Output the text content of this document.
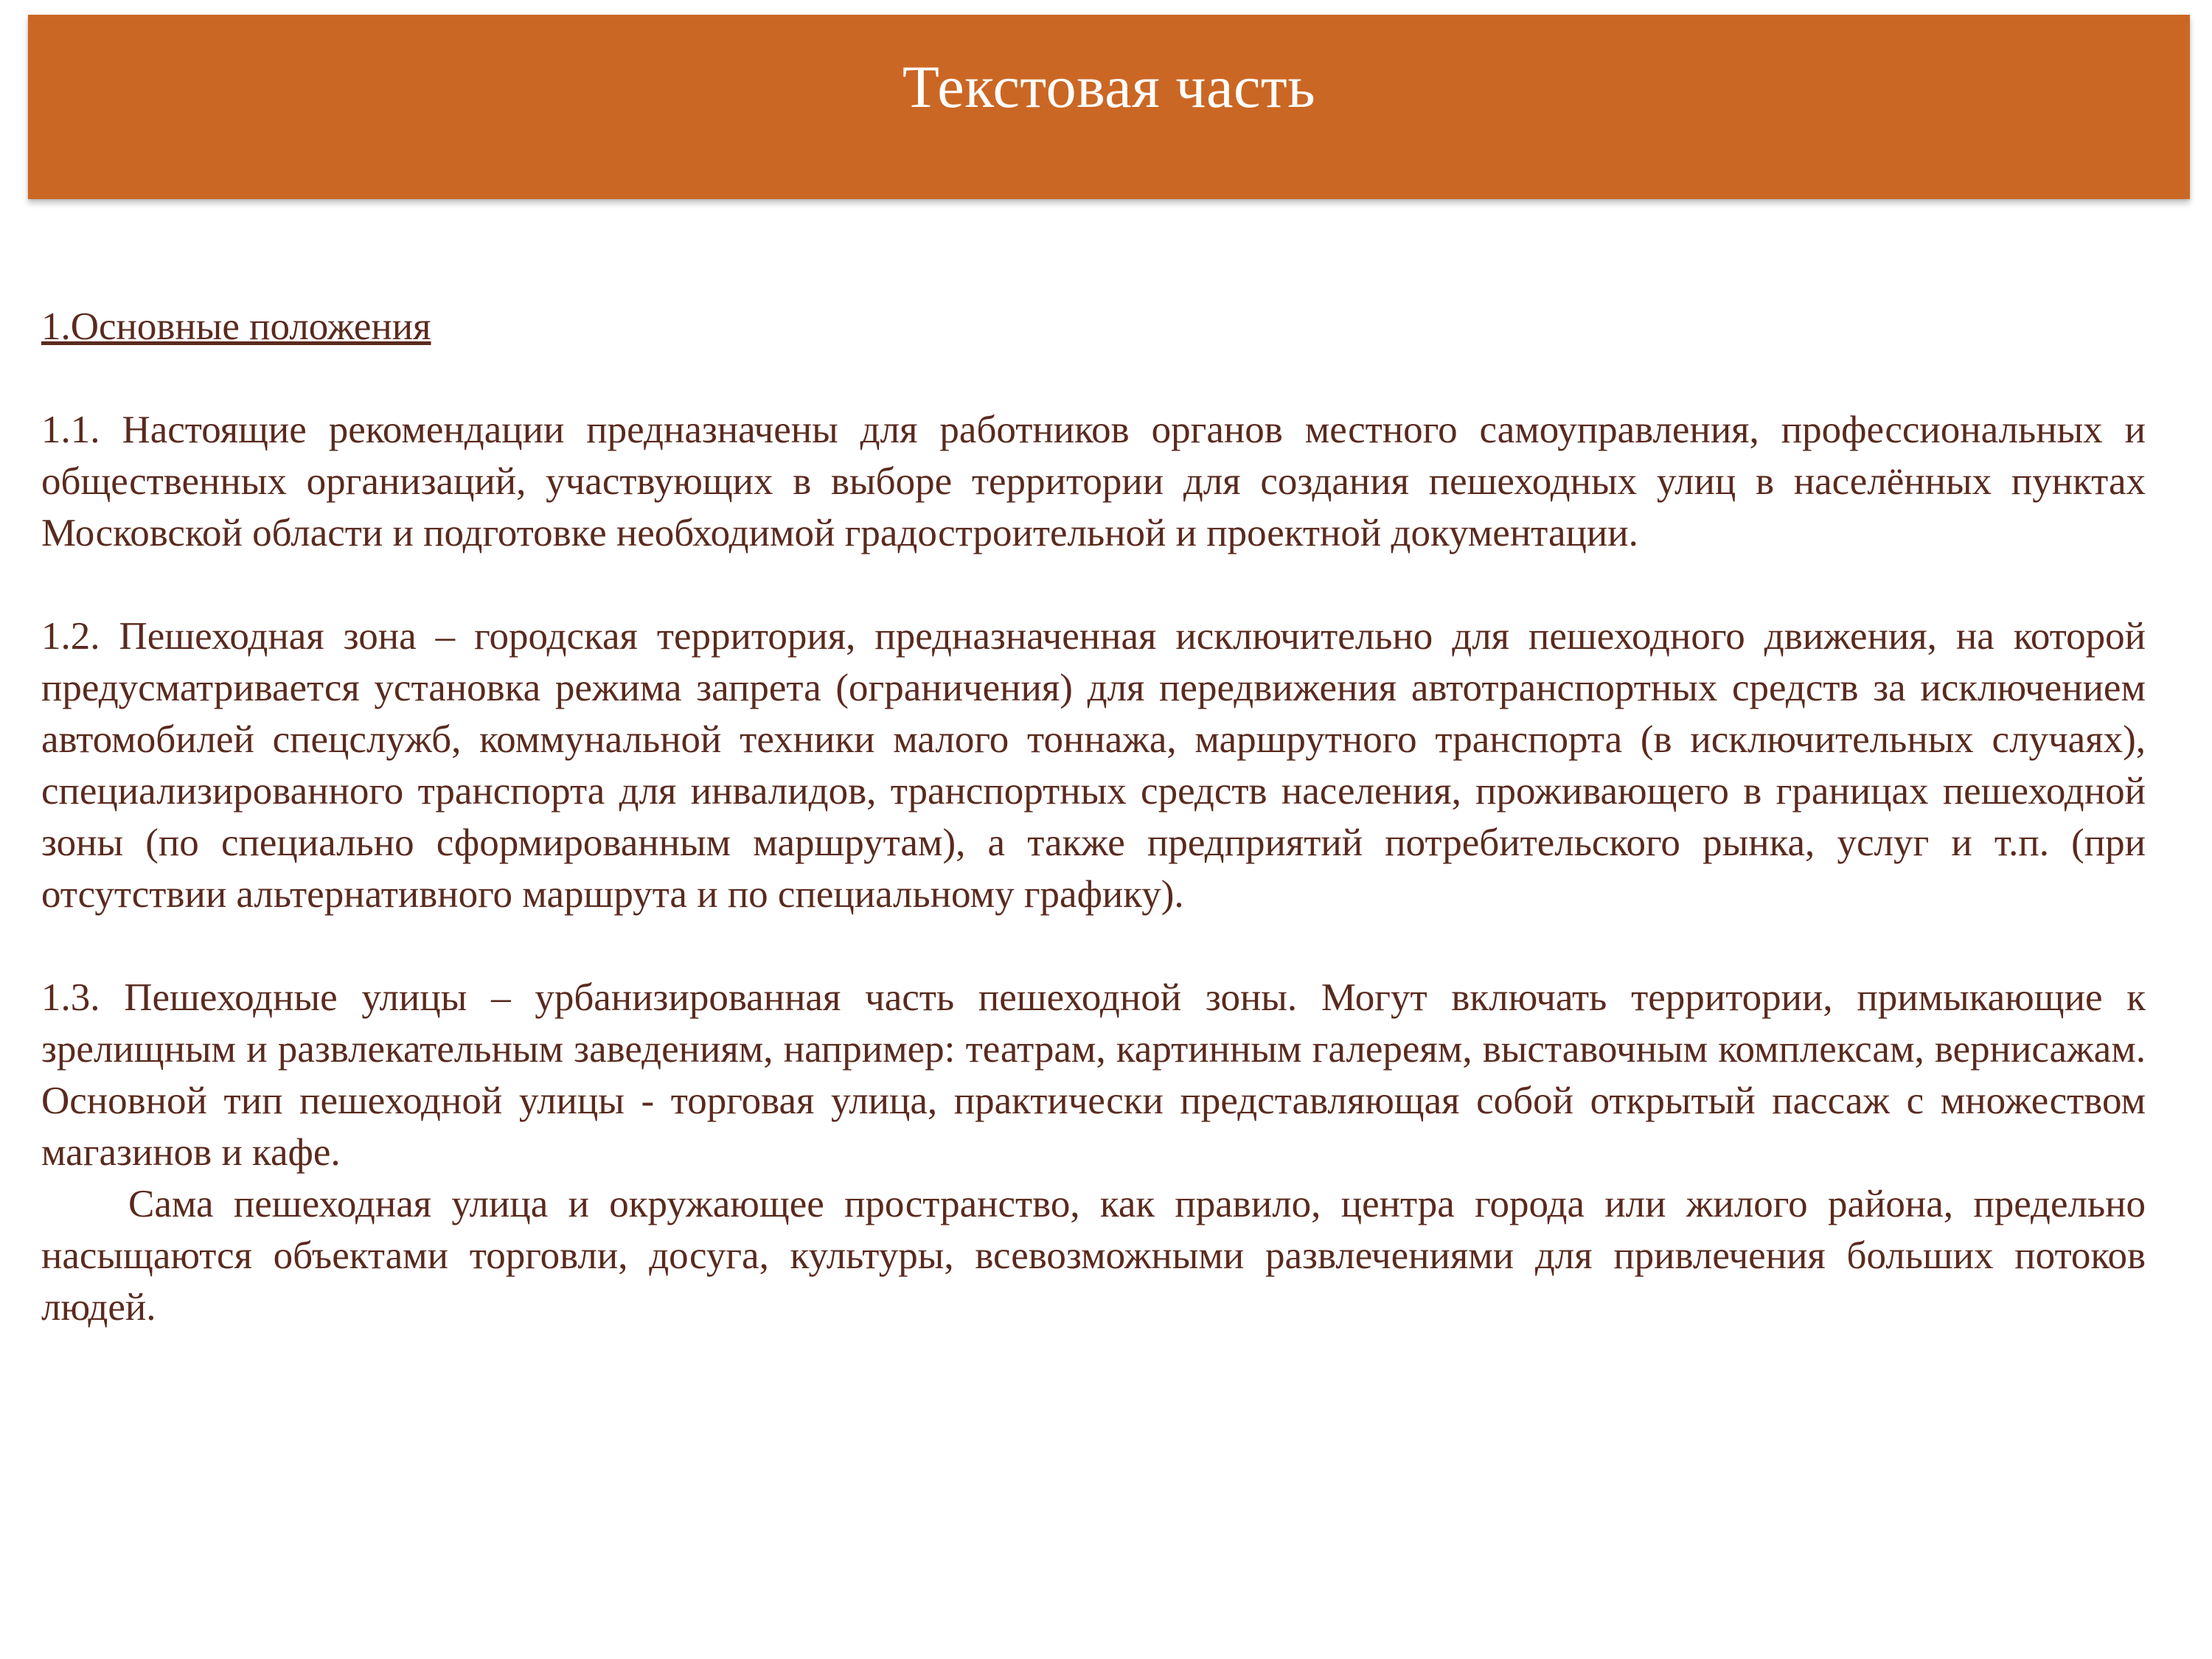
Текстовая часть

1.Основные положения

1.1. Настоящие рекомендации предназначены для работников органов местного самоуправления, профессиональных и общественных организаций, участвующих в выборе территории для создания пешеходных улиц в населённых пунктах Московской области и подготовке необходимой градостроительной и проектной документации.

1.2. Пешеходная зона – городская территория, предназначенная исключительно для пешеходного движения, на которой предусматривается установка режима запрета (ограничения) для передвижения автотранспортных средств за исключением автомобилей спецслужб, коммунальной техники малого тоннажа, маршрутного транспорта (в исключительных случаях), специализированного транспорта для инвалидов, транспортных средств населения, проживающего в границах пешеходной зоны (по специально сформированным маршрутам), а также предприятий потребительского рынка, услуг и т.п. (при отсутствии альтернативного маршрута и по специальному графику).

1.3. Пешеходные улицы – урбанизированная часть пешеходной зоны. Могут включать территории, примыкающие к зрелищным и развлекательным заведениям, например: театрам, картинным галереям, выставочным комплексам, вернисажам. Основной тип пешеходной улицы - торговая улица, практически представляющая собой открытый пассаж с множеством магазинов и кафе.

Сама пешеходная улица и окружающее пространство, как правило, центра города или жилого района, предельно насыщаются объектами торговли, досуга, культуры, всевозможными развлечениями для привлечения больших потоков людей.
